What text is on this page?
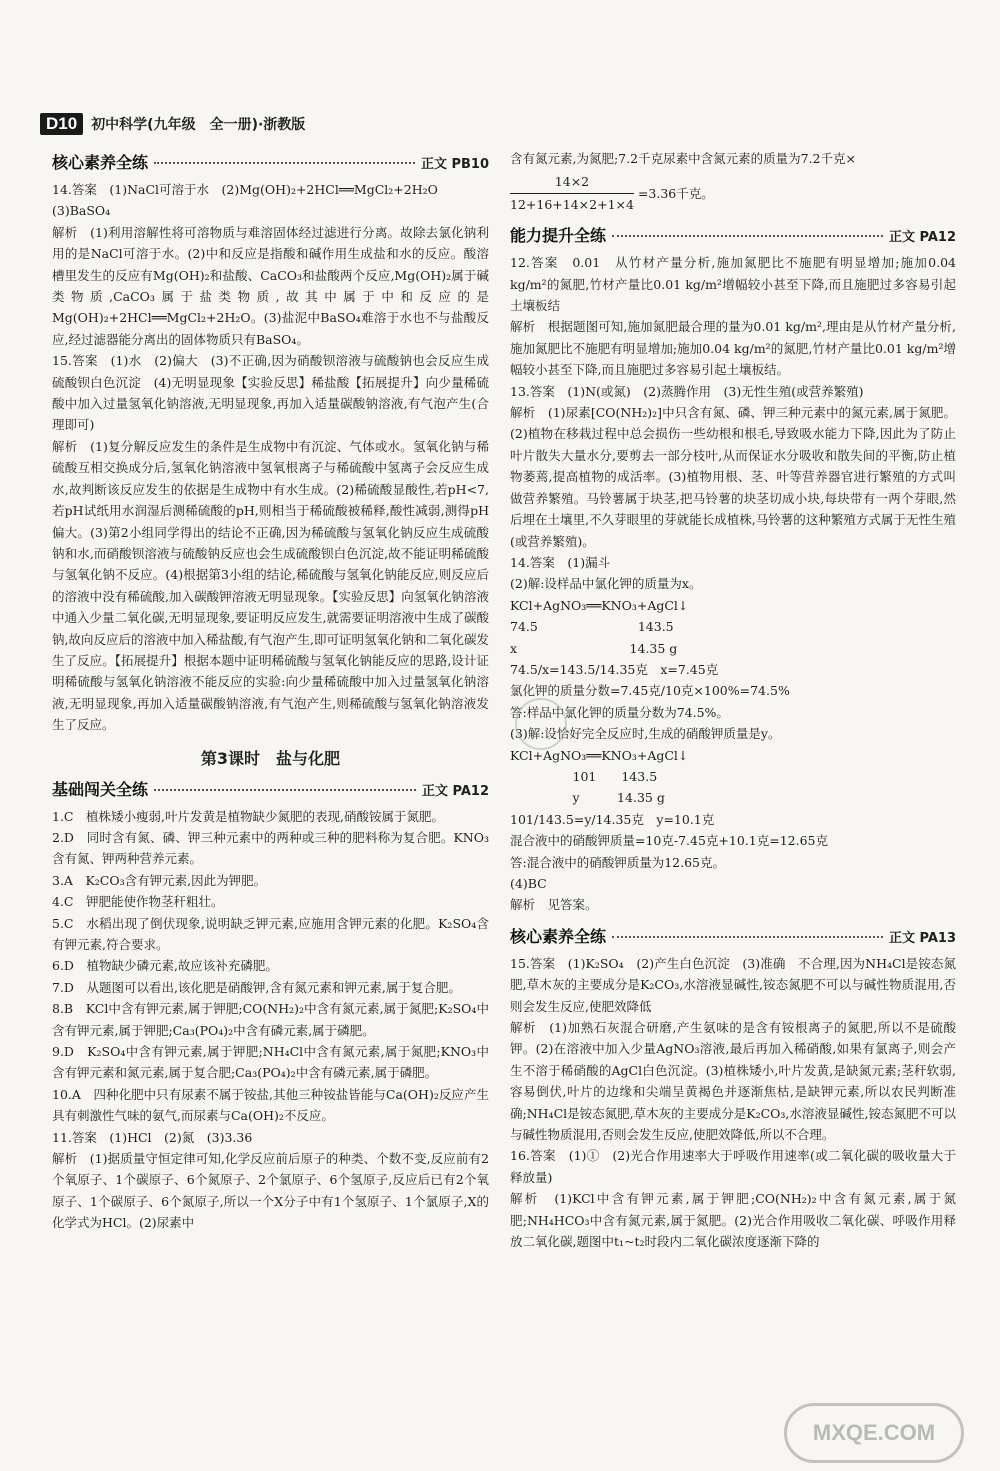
D10	初中科学(九年级　全一册)·浙教版
核心素养全练	正文 PB10

14.答案　(1)NaCl可溶于水　(2)Mg(OH)₂+2HCl══MgCl₂+2H₂O

(3)BaSO₄

解析　(1)利用溶解性将可溶物质与难溶固体经过滤进行分离。故除去氯化钠利用的是NaCl可溶于水。(2)中和反应是指酸和碱作用生成盐和水的反应。酸溶槽里发生的反应有Mg(OH)₂和盐酸、CaCO₃和盐酸两个反应,Mg(OH)₂属于碱类物质,CaCO₃属于盐类物质,故其中属于中和反应的是Mg(OH)₂+2HCl══MgCl₂+2H₂O。(3)盐泥中BaSO₄难溶于水也不与盐酸反应,经过滤器能分离出的固体物质只有BaSO₄。

15.答案　(1)水　(2)偏大　(3)不正确,因为硝酸钡溶液与硫酸钠也会反应生成硫酸钡白色沉淀　(4)无明显现象【实验反思】稀盐酸【拓展提升】向少量稀硫酸中加入过量氢氧化钠溶液,无明显现象,再加入适量碳酸钠溶液,有气泡产生(合理即可)

解析　(1)复分解反应发生的条件是生成物中有沉淀、气体或水。氢氧化钠与稀硫酸互相交换成分后,氢氧化钠溶液中氢氧根离子与稀硫酸中氢离子会反应生成水,故判断该反应发生的依据是生成物中有水生成。(2)稀硫酸显酸性,若pH<7,若pH试纸用水润湿后测稀硫酸的pH,则相当于稀硫酸被稀释,酸性减弱,测得pH偏大。(3)第2小组同学得出的结论不正确,因为稀硫酸与氢氧化钠反应生成硫酸钠和水,而硝酸钡溶液与硫酸钠反应也会生成硫酸钡白色沉淀,故不能证明稀硫酸与氢氧化钠不反应。(4)根据第3小组的结论,稀硫酸与氢氧化钠能反应,则反应后的溶液中没有稀硫酸,加入碳酸钾溶液无明显现象。【实验反思】向氢氧化钠溶液中通入少量二氧化碳,无明显现象,要证明反应发生,就需要证明溶液中生成了碳酸钠,故向反应后的溶液中加入稀盐酸,有气泡产生,即可证明氢氧化钠和二氧化碳发生了反应。【拓展提升】根据本题中证明稀硫酸与氢氧化钠能反应的思路,设计证明稀硫酸与氢氧化钠溶液不能反应的实验:向少量稀硫酸中加入过量氢氧化钠溶液,无明显现象,再加入适量碳酸钠溶液,有气泡产生,则稀硫酸与氢氧化钠溶液发生了反应。

第3课时　盐与化肥
基础闯关全练	正文 PA12

1.C　植株矮小瘦弱,叶片发黄是植物缺少氮肥的表现,硝酸铵属于氮肥。

2.D　同时含有氮、磷、钾三种元素中的两种或三种的肥料称为复合肥。KNO₃含有氮、钾两种营养元素。

3.A　K₂CO₃含有钾元素,因此为钾肥。

4.C　钾肥能使作物茎秆粗壮。

5.C　水稻出现了倒伏现象,说明缺乏钾元素,应施用含钾元素的化肥。K₂SO₄含有钾元素,符合要求。

6.D　植物缺少磷元素,故应该补充磷肥。

7.D　从题图可以看出,该化肥是硝酸钾,含有氮元素和钾元素,属于复合肥。

8.B　KCl中含有钾元素,属于钾肥;CO(NH₂)₂中含有氮元素,属于氮肥;K₂SO₄中含有钾元素,属于钾肥;Ca₃(PO₄)₂中含有磷元素,属于磷肥。

9.D　K₂SO₄中含有钾元素,属于钾肥;NH₄Cl中含有氮元素,属于氮肥;KNO₃中含有钾元素和氮元素,属于复合肥;Ca₃(PO₄)₂中含有磷元素,属于磷肥。

10.A　四种化肥中只有尿素不属于铵盐,其他三种铵盐皆能与Ca(OH)₂反应产生具有刺激性气味的氨气,而尿素与Ca(OH)₂不反应。

11.答案　(1)HCl　(2)氮　(3)3.36

解析　(1)据质量守恒定律可知,化学反应前后原子的种类、个数不变,反应前有2个氧原子、1个碳原子、6个氮原子、2个氯原子、6个氢原子,反应后已有2个氧原子、1个碳原子、6个氮原子,所以一个X分子中有1个氢原子、1个氯原子,X的化学式为HCl。(2)尿素中

含有氮元素,为氮肥;7.2千克尿素中含氮元素的质量为7.2千克×

$\frac{14\times 2}{12+16+14\times 2+1\times 4} =3.36$千克。
能力提升全练	正文 PA12

12.答案　0.01　从竹材产量分析,施加氮肥比不施肥有明显增加;施加0.04 kg/m²的氮肥,竹材产量比0.01 kg/m²增幅较小甚至下降,而且施肥过多容易引起土壤板结

解析　根据题图可知,施加氮肥最合理的量为0.01 kg/m²,理由是从竹材产量分析,施加氮肥比不施肥有明显增加;施加0.04 kg/m²的氮肥,竹材产量比0.01 kg/m²增幅较小甚至下降,而且施肥过多容易引起土壤板结。

13.答案　(1)N(或氮)　(2)蒸腾作用　(3)无性生殖(或营养繁殖)

解析　(1)尿素[CO(NH₂)₂]中只含有氮、磷、钾三种元素中的氮元素,属于氮肥。(2)植物在移栽过程中总会损伤一些幼根和根毛,导致吸水能力下降,因此为了防止叶片散失大量水分,要剪去一部分枝叶,从而保证水分吸收和散失间的平衡,防止植物萎蔫,提高植物的成活率。(3)植物用根、茎、叶等营养器官进行繁殖的方式叫做营养繁殖。马铃薯属于块茎,把马铃薯的块茎切成小块,每块带有一两个芽眼,然后埋在土壤里,不久芽眼里的芽就能长成植株,马铃薯的这种繁殖方式属于无性生殖(或营养繁殖)。

14.答案　(1)漏斗

(2)解:设样品中氯化钾的质量为x。

KCl+AgNO₃══KNO₃+AgCl↓

74.5　　　　　　　　143.5

x　　　　　　　　　14.35 g

74.5/x=143.5/14.35克　x=7.45克

氯化钾的质量分数=7.45克/10克×100%=74.5%

答:样品中氯化钾的质量分数为74.5%。

(3)解:设恰好完全反应时,生成的硝酸钾质量是y。

KCl+AgNO₃══KNO₃+AgCl↓

　　　　　101　　143.5

　　　　　y　　　14.35 g

101/143.5=y/14.35克　y=10.1克

混合液中的硝酸钾质量=10克-7.45克+10.1克=12.65克

答:混合液中的硝酸钾质量为12.65克。

(4)BC

解析　见答案。

核心素养全练	正文 PA13

15.答案　(1)K₂SO₄　(2)产生白色沉淀　(3)准确　不合理,因为NH₄Cl是铵态氮肥,草木灰的主要成分是K₂CO₃,水溶液显碱性,铵态氮肥不可以与碱性物质混用,否则会发生反应,使肥效降低

解析　(1)加熟石灰混合研磨,产生氨味的是含有铵根离子的氮肥,所以不是硫酸钾。(2)在溶液中加入少量AgNO₃溶液,最后再加入稀硝酸,如果有氯离子,则会产生不溶于稀硝酸的AgCl白色沉淀。(3)植株矮小,叶片发黄,是缺氮元素;茎秆软弱,容易倒伏,叶片的边缘和尖端呈黄褐色并逐渐焦枯,是缺钾元素,所以农民判断准确;NH₄Cl是铵态氮肥,草木灰的主要成分是K₂CO₃,水溶液显碱性,铵态氮肥不可以与碱性物质混用,否则会发生反应,使肥效降低,所以不合理。

16.答案　(1)①　(2)光合作用速率大于呼吸作用速率(或二氧化碳的吸收量大于释放量)

解析　(1)KCl中含有钾元素,属于钾肥;CO(NH₂)₂中含有氮元素,属于氮肥;NH₄HCO₃中含有氮元素,属于氮肥。(2)光合作用吸收二氧化碳、呼吸作用释放二氧化碳,题图中t₁~t₂时段内二氧化碳浓度逐渐下降的

MXQE.COM
